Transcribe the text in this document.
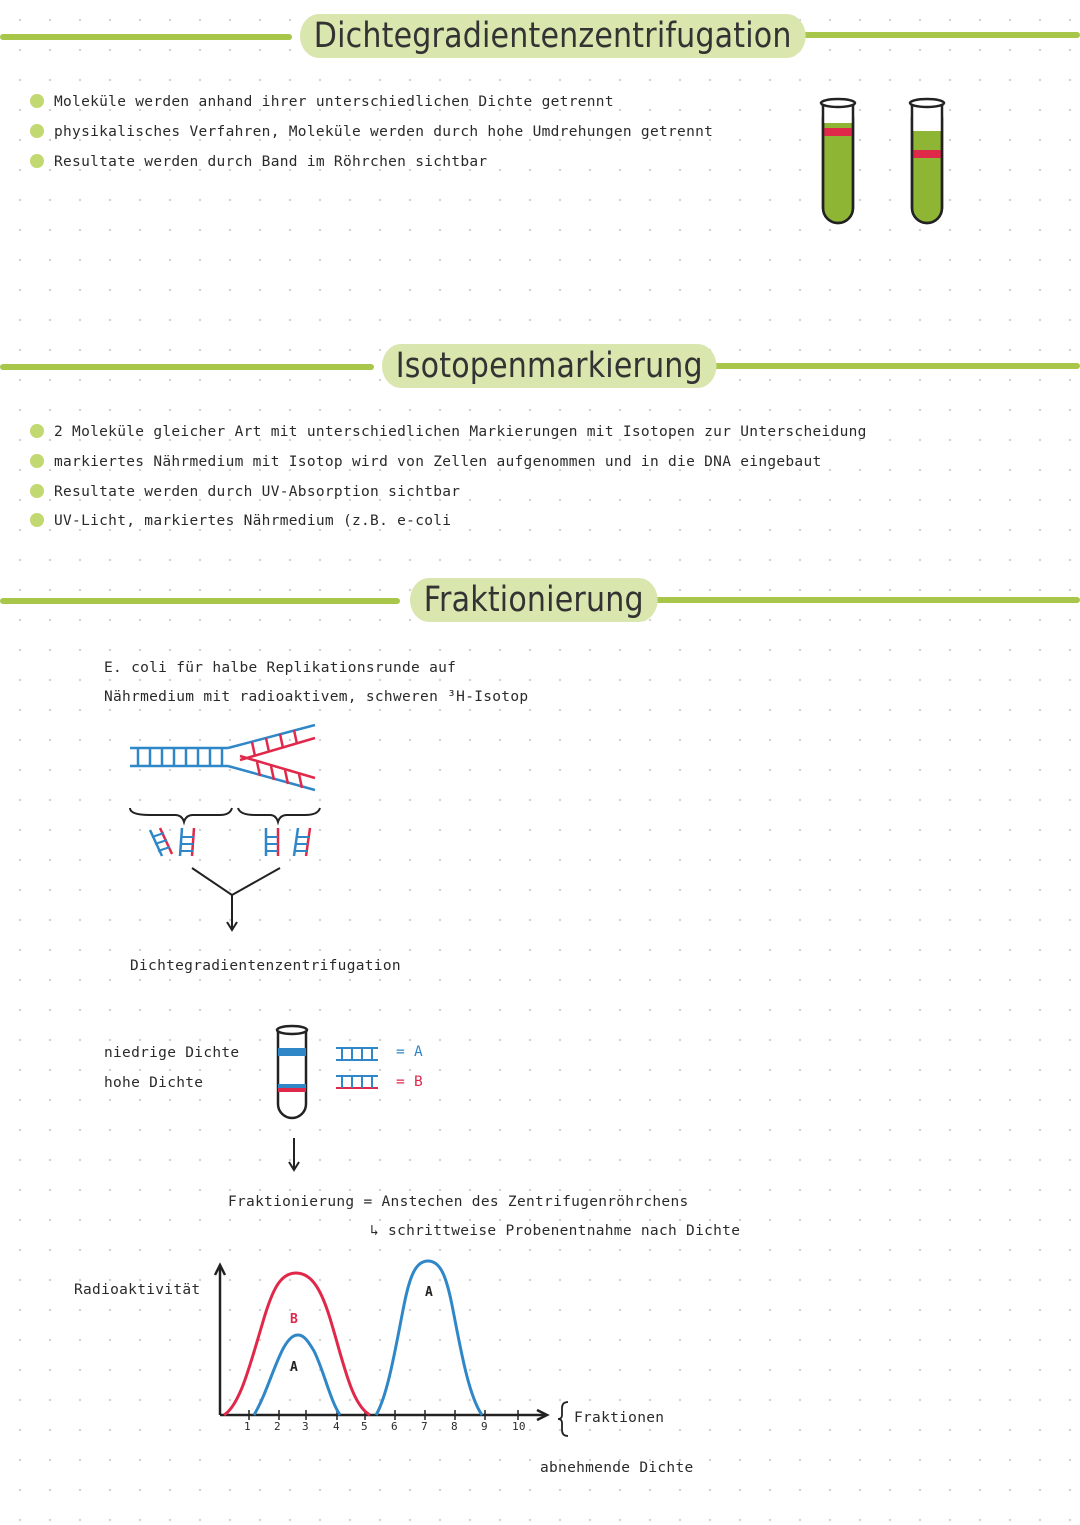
Dichtegradientenzentrifugation
Moleküle werden anhand ihrer unterschiedlichen Dichte getrennt
physikalisches Verfahren, Moleküle werden durch hohe Umdrehungen getrennt
Resultate werden durch Band im Röhrchen sichtbar
Isotopenmarkierung
2 Moleküle gleicher Art mit unterschiedlichen Markierungen mit Isotopen zur Unterscheidung
markiertes Nährmedium mit Isotop wird von Zellen aufgenommen und in die DNA eingebaut
Resultate werden durch UV-Absorption sichtbar
UV-Licht, markiertes Nährmedium (z.B. e-coli
Fraktionierung
E. coli für halbe Replikationsrunde auf
Nährmedium mit radioaktivem, schweren ³H-Isotop
Dichtegradientenzentrifugation
niedrige Dichte
hohe Dichte
= A
= B
Fraktionierung = Anstechen des Zentrifugenröhrchens
↳ schrittweise Probenentnahme nach Dichte
Radioaktivität
B
A
A
1 2 3 4 5 6 7 8 9 10
Fraktionen
abnehmende Dichte
